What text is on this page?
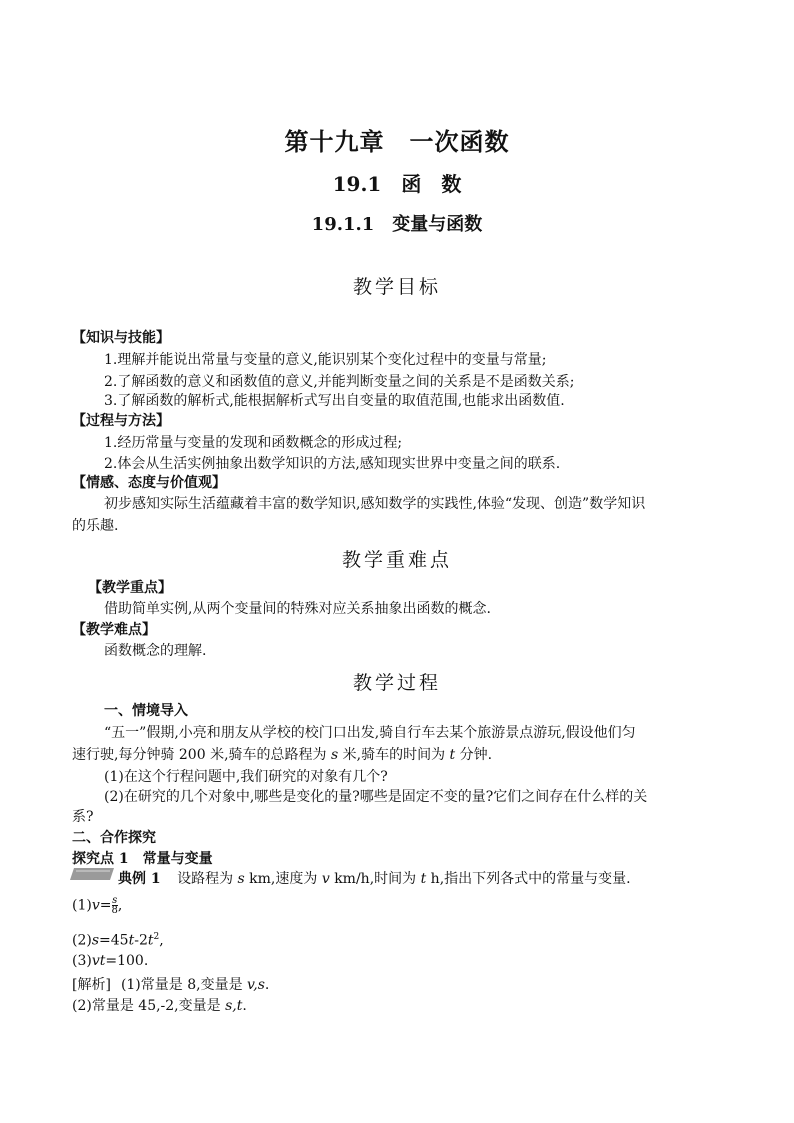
第十九章　一次函数
19.1　函　数
19.1.1　变量与函数
教学目标
【知识与技能】
1.理解并能说出常量与变量的意义,能识别某个变化过程中的变量与常量;
2.了解函数的意义和函数值的意义,并能判断变量之间的关系是不是函数关系;
3.了解函数的解析式,能根据解析式写出自变量的取值范围,也能求出函数值.
【过程与方法】
1.经历常量与变量的发现和函数概念的形成过程;
2.体会从生活实例抽象出数学知识的方法,感知现实世界中变量之间的联系.
【情感、态度与价值观】
初步感知实际生活蕴藏着丰富的数学知识,感知数学的实践性,体验“发现、创造”数学知识
的乐趣.
教学重难点
【教学重点】
借助简单实例,从两个变量间的特殊对应关系抽象出函数的概念.
【教学难点】
函数概念的理解.
教学过程
一、情境导入
“五一”假期,小亮和朋友从学校的校门口出发,骑自行车去某个旅游景点游玩,假设他们匀
速行驶,每分钟骑 200 米,骑车的总路程为 s 米,骑车的时间为 t 分钟.
(1)在这个行程问题中,我们研究的对象有几个?
(2)在研究的几个对象中,哪些是变化的量?哪些是固定不变的量?它们之间存在什么样的关
系?
二、合作探究
探究点 1　常量与变量
典例 1 设路程为 s km,速度为 v km/h,时间为 t h,指出下列各式中的常量与变量.
$(1)v= \frac{s}{8}$ ,
$(2)s=45t-2t^2$,
(3)vt=100.
[解析] (1)常量是 8,变量是 v,s.
(2)常量是 45,-2,变量是 s,t.
